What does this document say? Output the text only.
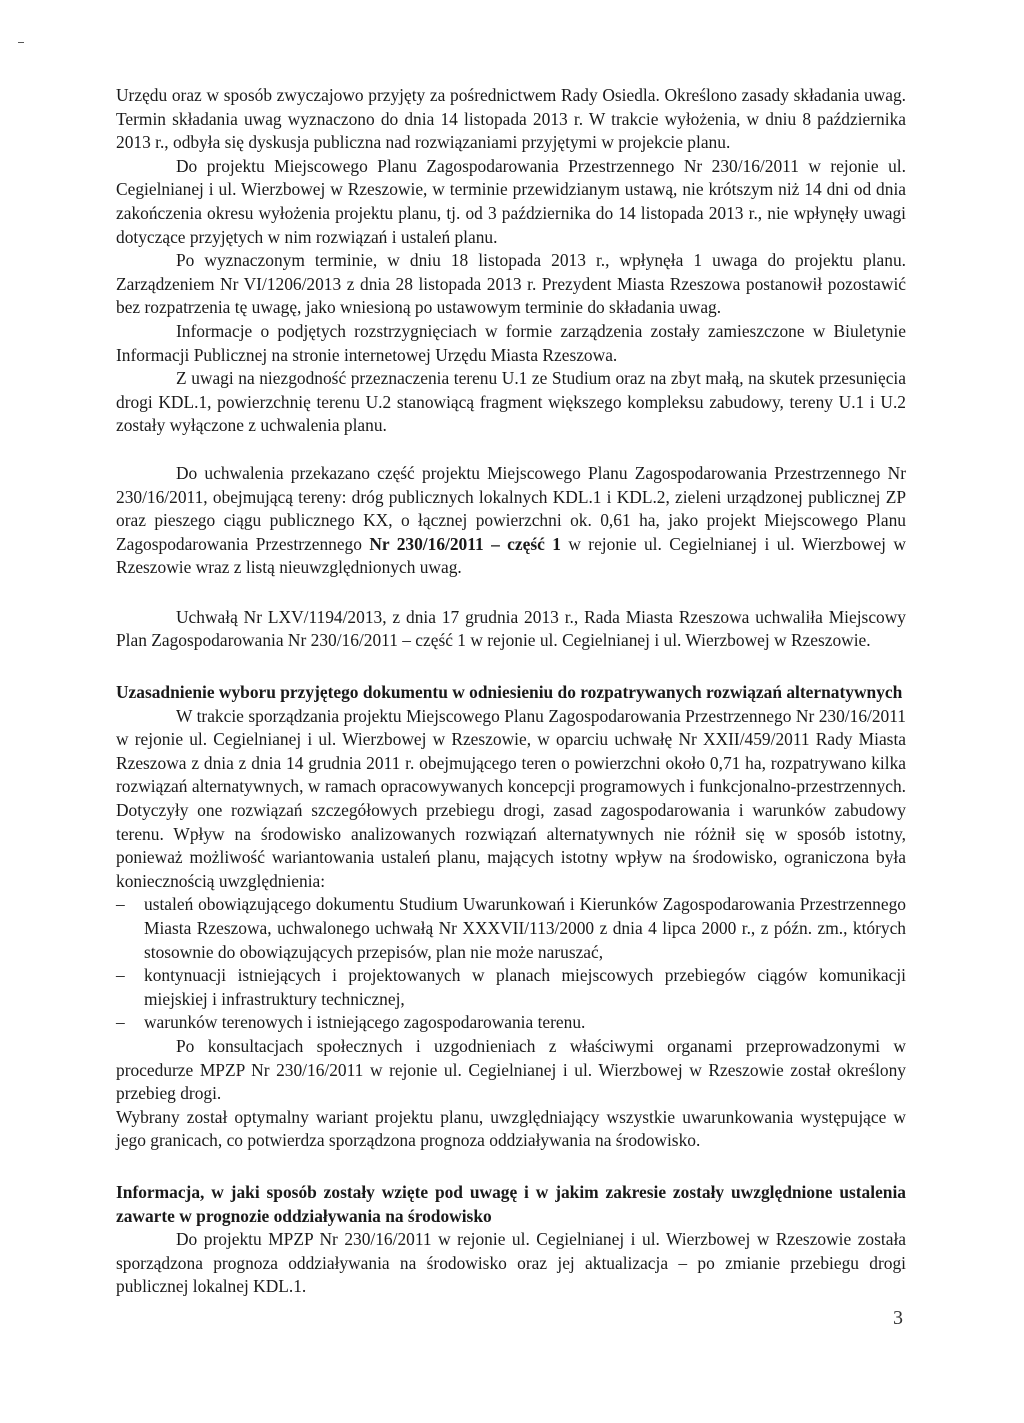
Urzędu oraz w sposób zwyczajowo przyjęty za pośrednictwem Rady Osiedla. Określono zasady składania uwag. Termin składania uwag wyznaczono do dnia 14 listopada 2013 r. W trakcie wyłożenia, w dniu 8 października 2013 r., odbyła się dyskusja publiczna nad rozwiązaniami przyjętymi w projekcie planu.

Do projektu Miejscowego Planu Zagospodarowania Przestrzennego Nr 230/16/2011 w rejonie ul. Cegielnianej i ul. Wierzbowej w Rzeszowie, w terminie przewidzianym ustawą, nie krótszym niż 14 dni od dnia zakończenia okresu wyłożenia projektu planu, tj. od 3 października do 14 listopada 2013 r., nie wpłynęły uwagi dotyczące przyjętych w nim rozwiązań i ustaleń planu.

Po wyznaczonym terminie, w dniu 18 listopada 2013 r., wpłynęła 1 uwaga do projektu planu. Zarządzeniem Nr VI/1206/2013 z dnia 28 listopada 2013 r. Prezydent Miasta Rzeszowa postanowił pozostawić bez rozpatrzenia tę uwagę, jako wniesioną po ustawowym terminie do składania uwag.

Informacje o podjętych rozstrzygnięciach w formie zarządzenia zostały zamieszczone w Biuletynie Informacji Publicznej na stronie internetowej Urzędu Miasta Rzeszowa.

Z uwagi na niezgodność przeznaczenia terenu U.1 ze Studium oraz na zbyt małą, na skutek przesunięcia drogi KDL.1, powierzchnię terenu U.2 stanowiącą fragment większego kompleksu zabudowy, tereny U.1 i U.2 zostały wyłączone z uchwalenia planu.

Do uchwalenia przekazano część projektu Miejscowego Planu Zagospodarowania Przestrzennego Nr 230/16/2011, obejmującą tereny: dróg publicznych lokalnych KDL.1 i KDL.2, zieleni urządzonej publicznej ZP oraz pieszego ciągu publicznego KX, o łącznej powierzchni ok. 0,61 ha, jako projekt Miejscowego Planu Zagospodarowania Przestrzennego Nr 230/16/2011 – część 1 w rejonie ul. Cegielnianej i ul. Wierzbowej w Rzeszowie wraz z listą nieuwzględnionych uwag.

Uchwałą Nr LXV/1194/2013, z dnia 17 grudnia 2013 r., Rada Miasta Rzeszowa uchwaliła Miejscowy Plan Zagospodarowania Nr 230/16/2011 – część 1 w rejonie ul. Cegielnianej i ul. Wierzbowej w Rzeszowie.

Uzasadnienie wyboru przyjętego dokumentu w odniesieniu do rozpatrywanych rozwiązań alternatywnych

W trakcie sporządzania projektu Miejscowego Planu Zagospodarowania Przestrzennego Nr 230/16/2011 w rejonie ul. Cegielnianej i ul. Wierzbowej w Rzeszowie, w oparciu uchwałę Nr XXII/459/2011 Rady Miasta Rzeszowa z dnia z dnia 14 grudnia 2011 r. obejmującego teren o powierzchni około 0,71 ha, rozpatrywano kilka rozwiązań alternatywnych, w ramach opracowywanych koncepcji programowych i funkcjonalno-przestrzennych. Dotyczyły one rozwiązań szczegółowych przebiegu drogi, zasad zagospodarowania i warunków zabudowy terenu. Wpływ na środowisko analizowanych rozwiązań alternatywnych nie różnił się w sposób istotny, ponieważ możliwość wariantowania ustaleń planu, mających istotny wpływ na środowisko, ograniczona była koniecznością uwzględnienia:

– ustaleń obowiązującego dokumentu Studium Uwarunkowań i Kierunków Zagospodarowania Przestrzennego Miasta Rzeszowa, uchwalonego uchwałą Nr XXXVII/113/2000 z dnia 4 lipca 2000 r., z późn. zm., których stosownie do obowiązujących przepisów, plan nie może naruszać,
– kontynuacji istniejących i projektowanych w planach miejscowych przebiegów ciągów komunikacji miejskiej i infrastruktury technicznej,
– warunków terenowych i istniejącego zagospodarowania terenu.

Po konsultacjach społecznych i uzgodnieniach z właściwymi organami przeprowadzonymi w procedurze MPZP Nr 230/16/2011 w rejonie ul. Cegielnianej i ul. Wierzbowej w Rzeszowie został określony przebieg drogi.

Wybrany został optymalny wariant projektu planu, uwzględniający wszystkie uwarunkowania występujące w jego granicach, co potwierdza sporządzona prognoza oddziaływania na środowisko.

Informacja, w jaki sposób zostały wzięte pod uwagę i w jakim zakresie zostały uwzględnione ustalenia zawarte w prognozie oddziaływania na środowisko

Do projektu MPZP Nr 230/16/2011 w rejonie ul. Cegielnianej i ul. Wierzbowej w Rzeszowie została sporządzona prognoza oddziaływania na środowisko oraz jej aktualizacja – po zmianie przebiegu drogi publicznej lokalnej KDL.1.

3
